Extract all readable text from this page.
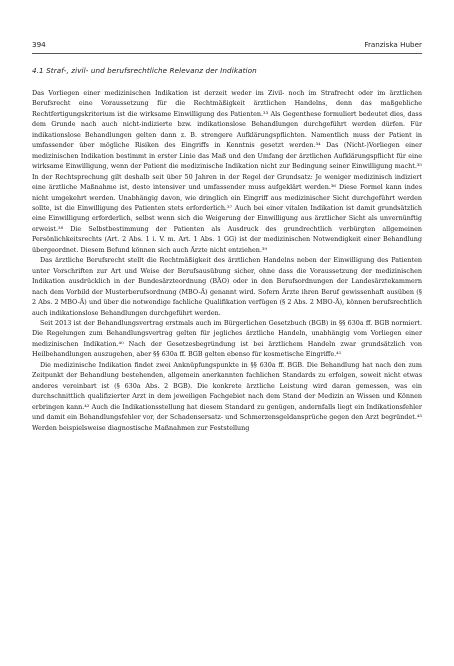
394	Franziska Huber
4.1 Straf-, zivil- und berufsrechtliche Relevanz der Indikation

Das Vorliegen einer medizinischen Indikation ist derzeit weder im Zivil- noch im Strafrecht oder im ärztlichen Berufsrecht eine Voraussetzung für die Rechtmäßigkeit ärztlichen Handelns, denn das maßgebliche Rechtfertigungskriterium ist die wirksame Einwilligung des Patienten.³³ Als Gegenthese formuliert bedeutet dies, dass dem Grunde nach auch nicht-indizierte bzw. indikationslose Behandlungen durchgeführt werden dürfen. Für indikationslose Behandlungen gelten dann z. B. strengere Aufklärungspflichten. Namentlich muss der Patient in umfassender über mögliche Risiken des Eingriffs in Kenntnis gesetzt werden.³⁴ Das (Nicht-)Vorliegen einer medizinischen Indikation bestimmt in erster Linie das Maß und den Umfang der ärztlichen Aufklärungspflicht für eine wirksame Einwilligung, wenn der Patient die medizinische Indikation nicht zur Bedingung seiner Einwilligung macht.³⁵ In der Rechtsprechung gilt deshalb seit über 50 Jahren in der Regel der Grundsatz: Je weniger medizinisch indiziert eine ärztliche Maßnahme ist, desto intensiver und umfassender muss aufgeklärt werden.³⁶ Diese Formel kann indes nicht umgekehrt werden. Unabhängig davon, wie dringlich ein Eingriff aus medizinischer Sicht durchgeführt werden sollte, ist die Einwilligung des Patienten stets erforderlich.³⁷ Auch bei einer vitalen Indikation ist damit grundsätzlich eine Einwilligung erforderlich, selbst wenn sich die Weigerung der Einwilligung aus ärztlicher Sicht als unvernünftig erweist.³⁸ Die Selbstbestimmung der Patienten als Ausdruck des grundrechtlich verbürgten allgemeinen Persönlichkeitsrechts (Art. 2 Abs. 1 i. V. m. Art. 1 Abs. 1 GG) ist der medizinischen Notwendigkeit einer Behandlung übergeordnet. Diesem Befund können sich auch Ärzte nicht entziehen.³⁹

Das ärztliche Berufsrecht stellt die Rechtmäßigkeit des ärztlichen Handelns neben der Einwilligung des Patienten unter Vorschriften zur Art und Weise der Berufsausübung sicher, ohne dass die Voraussetzung der medizinischen Indikation ausdrücklich in der Bundesärzteordnung (BÄO) oder in den Berufsordnungen der Landesärztekammern nach dem Vorbild der Musterberufsordnung (MBO-Ä) genannt wird. Sofern Ärzte ihren Beruf gewissenhaft ausüben (§ 2 Abs. 2 MBO-Ä) und über die notwendige fachliche Qualifikation verfügen (§ 2 Abs. 2 MBO-Ä), können berufsrechtlich auch indikationslose Behandlungen durchgeführt werden.

Seit 2013 ist der Behandlungsvertrag erstmals auch im Bürgerlichen Gesetzbuch (BGB) in §§ 630a ff. BGB normiert. Die Regelungen zum Behandlungsvertrag gelten für jegliches ärztliche Handeln, unabhängig vom Vorliegen einer medizinischen Indikation.⁴⁰ Nach der Gesetzesbegründung ist bei ärztlichem Handeln zwar grundsätzlich von Heilbehandlungen auszugehen, aber §§ 630a ff. BGB gelten ebenso für kosmetische Eingriffe.⁴¹

Die medizinische Indikation findet zwei Anknüpfungspunkte in §§ 630a ff. BGB. Die Behandlung hat nach den zum Zeitpunkt der Behandlung bestehenden, allgemein anerkannten fachlichen Standards zu erfolgen, soweit nicht etwas anderes vereinbart ist (§ 630a Abs. 2 BGB). Die konkrete ärztliche Leistung wird daran gemessen, was ein durchschnittlich qualifizierter Arzt in dem jeweiligen Fachgebiet nach dem Stand der Medizin an Wissen und Können erbringen kann.⁴² Auch die Indikationsstellung hat diesem Standard zu genügen, andernfalls liegt ein Indikationsfehler und damit ein Behandlungsfehler vor, der Schadensersatz- und Schmerzensgeldansprüche gegen den Arzt begründet.⁴³ Werden beispielsweise diagnostische Maßnahmen zur Feststellung
